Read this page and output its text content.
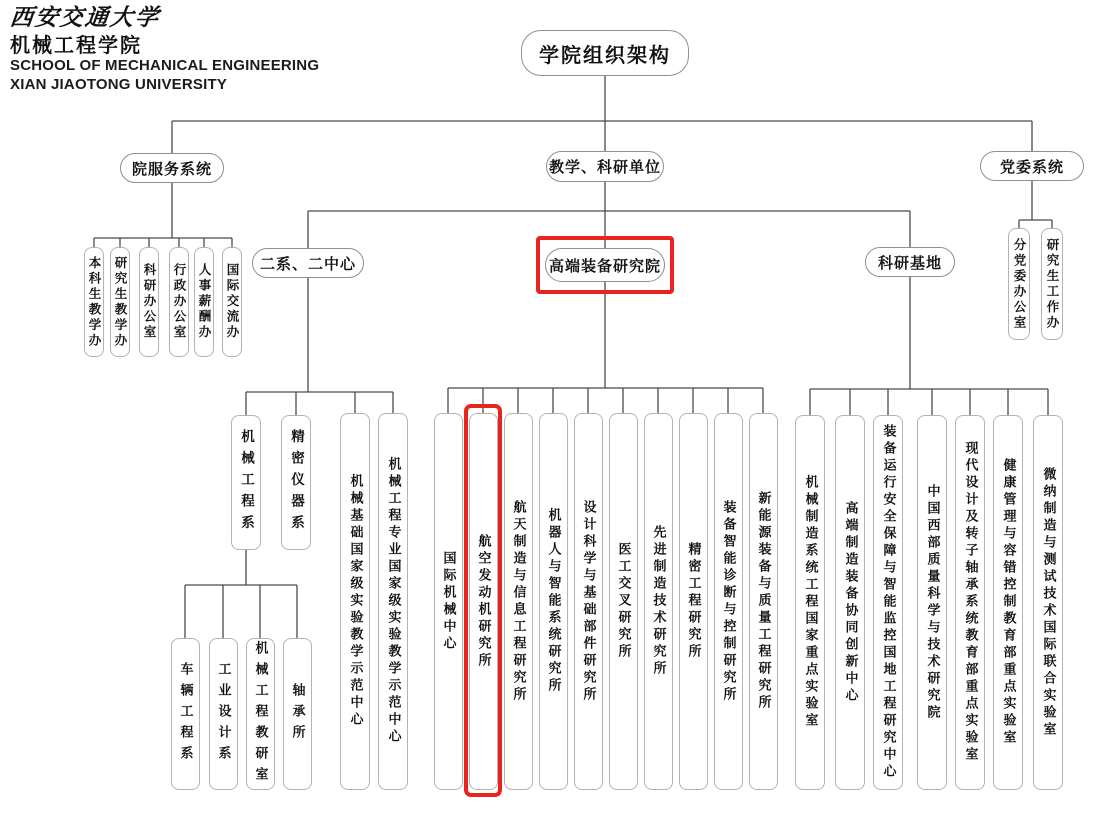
西安交通大学
机械工程学院
SCHOOL OF MECHANICAL ENGINEERING
XIAN JIAOTONG UNIVERSITY
学院组织架构
院服务系统	教学、科研单位	党委系统
二系、二中心	高端装备研究院	科研基地
本科生教学办 研究生教学办 科研办公室 行政办公室 人事薪酬办 国际交流办	分党委办公室 研究生工作办
机械工程系	精密仪器系	机械基础国家级实验教学示范中心 机械工程专业国家级实验教学示范中心
车辆工程系 工业设计系 机械工程教研室 轴承所
国际机械中心 航空发动机研究所 航天制造与信息工程研究所 机器人与智能系统研究所 设计科学与基础部件研究所 医工交叉研究所 先进制造技术研究所 精密工程研究所 装备智能诊断与控制研究所 新能源装备与质量工程研究所 机械制造系统工程国家重点实验室 高端制造装备协同创新中心 装备运行安全保障与智能监控国地工程研究中心 中国西部质量科学与技术研究院 现代设计及转子轴承系统教育部重点实验室 健康管理与容错控制教育部重点实验室 微纳制造与测试技术国际联合实验室
